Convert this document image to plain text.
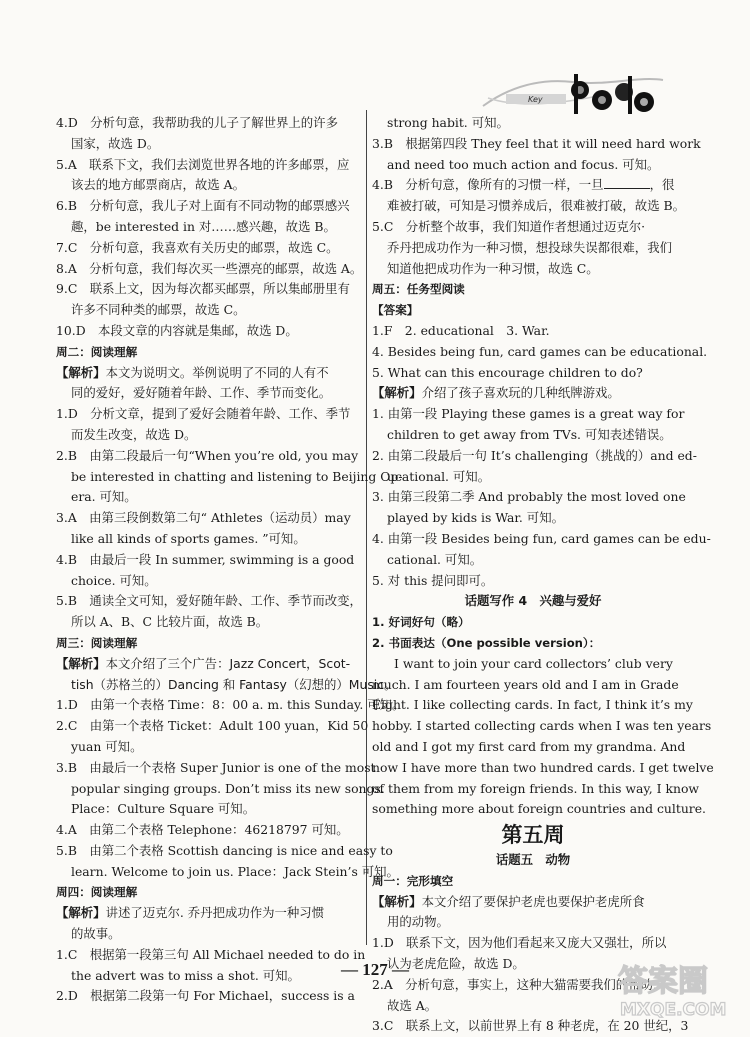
Key
4.D　分析句意，我帮助我的儿子了解世界上的许多
国家，故选 D。
5.A　联系下文，我们去浏览世界各地的许多邮票，应
该去的地方邮票商店，故选 A。
6.B　分析句意，我儿子对上面有不同动物的邮票感兴
趣，be interested in 对……感兴趣，故选 B。
7.C　分析句意，我喜欢有关历史的邮票，故选 C。
8.A　分析句意，我们每次买一些漂亮的邮票，故选 A。
9.C　联系上文，因为每次都买邮票，所以集邮册里有
许多不同种类的邮票，故选 C。
10.D　本段文章的内容就是集邮，故选 D。
周二：阅读理解
【解析】本文为说明文。举例说明了不同的人有不
同的爱好，爱好随着年龄、工作、季节而变化。
1.D　分析文章，提到了爱好会随着年龄、工作、季节
而发生改变，故选 D。
2.B　由第二段最后一句“When you’re old, you may
be interested in chatting and listening to Beijing Op-
era. 可知。
3.A　由第三段倒数第二句“ Athletes（运动员）may
like all kinds of sports games. ”可知。
4.B　由最后一段 In summer, swimming is a good
choice. 可知。
5.B　通读全文可知，爱好随年龄、工作、季节而改变，
所以 A、B、C 比较片面，故选 B。
周三：阅读理解
【解析】本文介绍了三个广告：Jazz Concert，Scot-
tish（苏格兰的）Dancing 和 Fantasy（幻想的）Music。
1.D　由第一个表格 Time：8：00 a. m. this Sunday. 可知。
2.C　由第一个表格 Ticket：Adult 100 yuan，Kid 50
yuan 可知。
3.B　由最后一个表格 Super Junior is one of the most
popular singing groups. Don’t miss its new songs.
Place：Culture Square 可知。
4.A　由第二个表格 Telephone：46218797 可知。
5.B　由第二个表格 Scottish dancing is nice and easy to
learn. Welcome to join us. Place：Jack Stein’s 可知。
周四：阅读理解
【解析】讲述了迈克尔. 乔丹把成功作为一种习惯
的故事。
1.C　根据第一段第三句 All Michael needed to do in
the advert was to miss a shot. 可知。
2.D　根据第二段第一句 For Michael，success is a
strong habit. 可知。
3.B　根据第四段 They feel that it will need hard work
and need too much action and focus. 可知。
4.B　分析句意，像所有的习惯一样，一旦	，很
难被打破，可知是习惯养成后，很难被打破，故选 B。
5.C　分析整个故事，我们知道作者想通过迈克尔·
乔丹把成功作为一种习惯，想投球失误都很难，我们
知道他把成功作为一种习惯，故选 C。
周五：任务型阅读
【答案】
1.F　2. educational　3. War.
4. Besides being fun, card games can be educational.
5. What can this encourage children to do?
【解析】介绍了孩子喜欢玩的几种纸牌游戏。
1. 由第一段 Playing these games is a great way for
children to get away from TVs. 可知表述错误。
2. 由第二段最后一句 It’s challenging（挑战的）and ed-
ucational. 可知。
3. 由第三段第二季 And probably the most loved one
played by kids is War. 可知。
4. 由第一段 Besides being fun, card games can be edu-
cational. 可知。
5. 对 this 提问即可。
话题写作 4　兴趣与爱好
1. 好词好句（略）
2. 书面表达（One possible version）：
I want to join your card collectors’ club very
much. I am fourteen years old and I am in Grade
Eight. I like collecting cards. In fact, I think it’s my
hobby. I started collecting cards when I was ten years
old and I got my first card from my grandma. And
now I have more than two hundred cards. I get twelve
of them from my foreign friends. In this way, I know
something more about foreign countries and culture.
第五周
话题五　动物
周一：完形填空
【解析】本文介绍了要保护老虎也要保护老虎所食
用的动物。
1.D　联系下文，因为他们看起来又庞大又强壮，所以
认为老虎危险，故选 D。
2.A　分析句意，事实上，这种大猫需要我们的帮助，
故选 A。
3.C　联系上文，以前世界上有 8 种老虎，在 20 世纪，3
— 127 —	答案圈
MXQE.COM
